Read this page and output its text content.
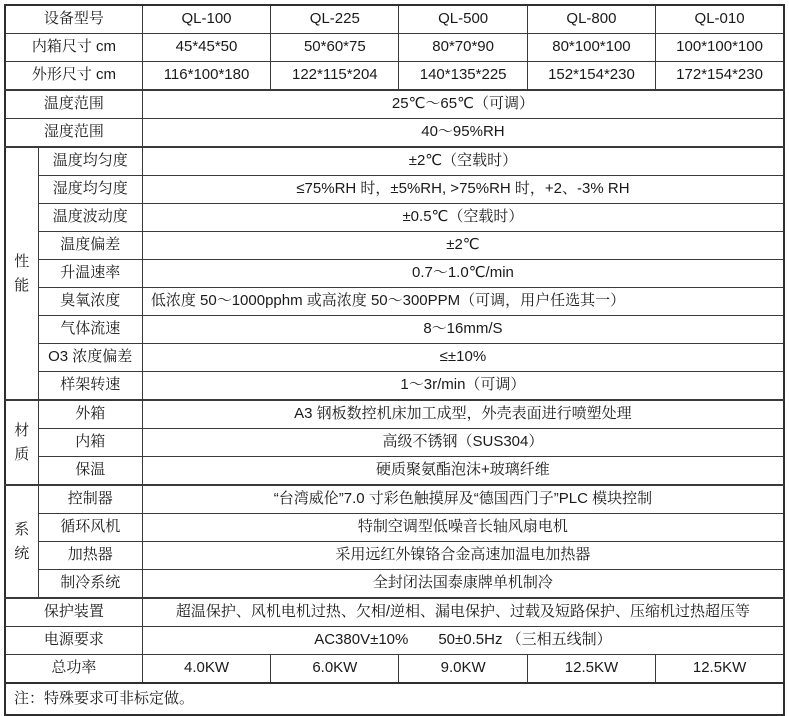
设备型号		QL-100	QL-225	QL-500	QL-800	QL-010
内箱尺寸 cm		45*45*50	50*60*75	80*70*90	80*100*100	100*100*100
外形尺寸 cm		116*100*180	122*115*204	140*135*225	152*154*230	172*154*230
温度范围		25℃～65℃（可调）				
湿度范围		40～95%RH				

性能	温度均匀度	±2℃（空载时）				
	湿度均匀度	≤75%RH 时，±5%RH, >75%RH 时，+2、-3% RH				
	温度波动度	±0.5℃（空载时）				
	温度偏差	±2℃				
	升温速率	0.7～1.0℃/min				
	臭氧浓度	低浓度 50～1000pphm 或高浓度 50～300PPM（可调，用户任选其一）				
	气体流速	8～16mm/S				
	O3 浓度偏差	≤±10%				
	样架转速	1～3r/min（可调）				

材质	外箱	A3 钢板数控机床加工成型，外壳表面进行喷塑处理				
	内箱	高级不锈钢（SUS304）				
	保温	硬质聚氨酯泡沫+玻璃纤维				

系统	控制器	“台湾威伦”7.0 寸彩色触摸屏及“德国西门子”PLC 模块控制				
	循环风机	特制空调型低噪音长轴风扇电机				
	加热器	采用远红外镍铬合金高速加温电加热器				
	制冷系统	全封闭法国泰康牌单机制冷				
保护装置		超温保护、风机电机过热、欠相/逆相、漏电保护、过载及短路保护、压缩机过热超压等				
电源要求		AC380V±10%　　50±0.5Hz （三相五线制）				
总功率		4.0KW	6.0KW	9.0KW	12.5KW	12.5KW
注：特殊要求可非标定做。						
